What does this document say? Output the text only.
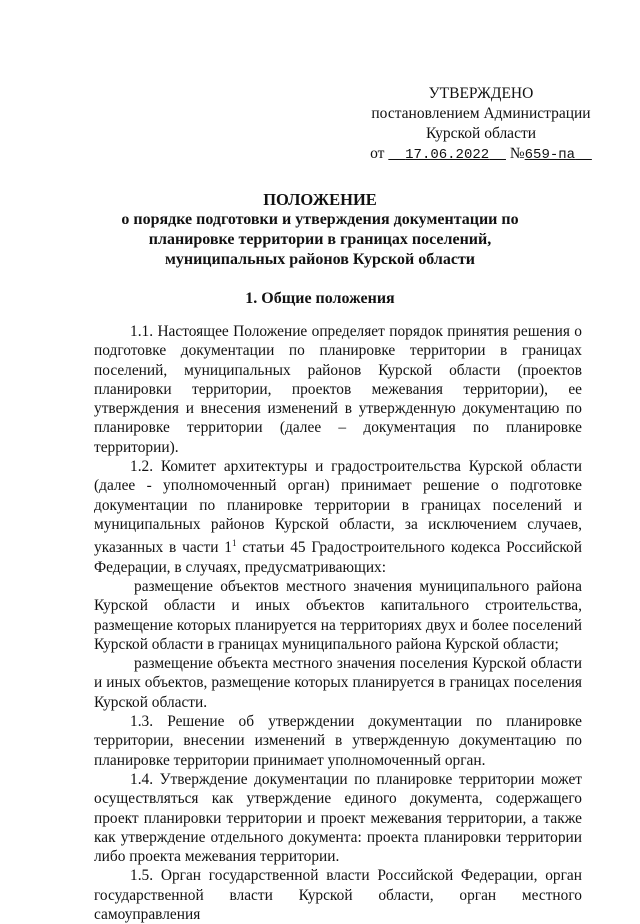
УТВЕРЖДЕНО
постановлением Администрации
Курской области
от 17.06.2022 №659-па
ПОЛОЖЕНИЕ
о порядке подготовки и утверждения документации по планировке территории в границах поселений, муниципальных районов Курской области
1. Общие положения

1.1. Настоящее Положение определяет порядок принятия решения о подготовке документации по планировке территории в границах поселений, муниципальных районов Курской области (проектов планировки территории, проектов межевания территории), ее утверждения и внесения изменений в утвержденную документацию по планировке территории (далее – документация по планировке территории).

1.2. Комитет архитектуры и градостроительства Курской области (далее - уполномоченный орган) принимает решение о подготовке документации по планировке территории в границах поселений и муниципальных районов Курской области, за исключением случаев, указанных в части $1^1$ статьи 45 Градостроительного кодекса Российской Федерации, в случаях, предусматривающих:

размещение объектов местного значения муниципального района Курской области и иных объектов капитального строительства, размещение которых планируется на территориях двух и более поселений Курской области в границах муниципального района Курской области;

размещение объекта местного значения поселения Курской области и иных объектов, размещение которых планируется в границах поселения Курской области.

1.3. Решение об утверждении документации по планировке территории, внесении изменений в утвержденную документацию по планировке территории принимает уполномоченный орган.

1.4. Утверждение документации по планировке территории может осуществляться как утверждение единого документа, содержащего проект планировки территории и проект межевания территории, а также как утверждение отдельного документа: проекта планировки территории либо проекта межевания территории.

1.5. Орган государственной власти Российской Федерации, орган государственной власти Курской области, орган местного самоуправления
